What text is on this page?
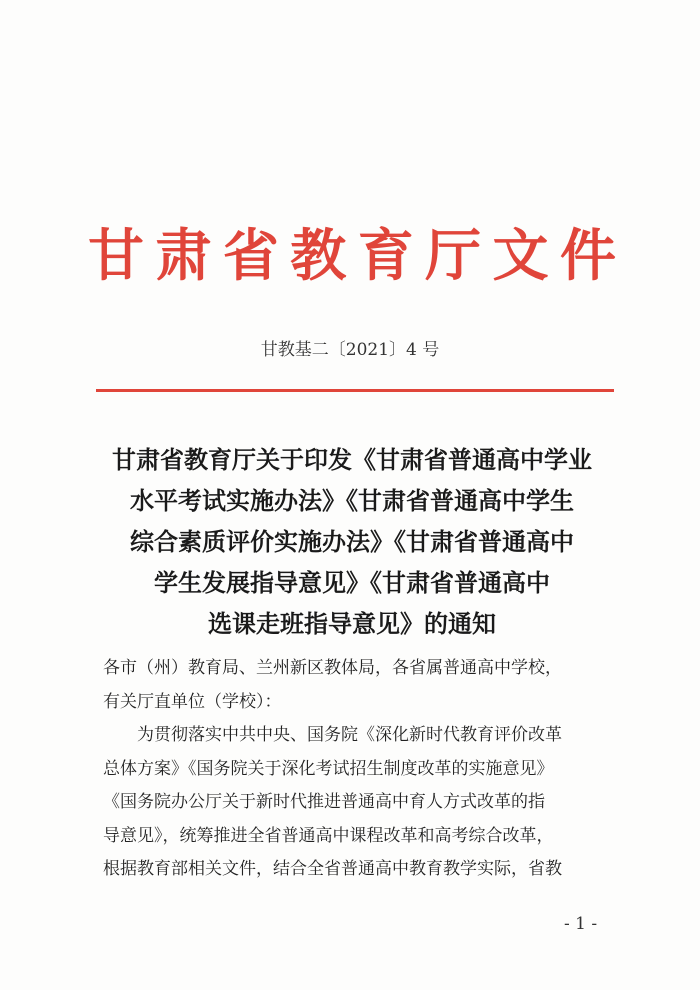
甘 肃 省 教 育 厅 文 件
甘教基二〔2021〕4 号
甘肃省教育厅关于印发《甘肃省普通高中学业
水平考试实施办法》《甘肃省普通高中学生
综合素质评价实施办法》《甘肃省普通高中
学生发展指导意见》《甘肃省普通高中
选课走班指导意见》的通知
各市（州）教育局、兰州新区教体局，各省属普通高中学校，
有关厅直单位（学校）：
为贯彻落实中共中央、国务院《深化新时代教育评价改革
总体方案》《国务院关于深化考试招生制度改革的实施意见》
《国务院办公厅关于新时代推进普通高中育人方式改革的指
导意见》，统筹推进全省普通高中课程改革和高考综合改革，
根据教育部相关文件，结合全省普通高中教育教学实际，省教
- 1 -
